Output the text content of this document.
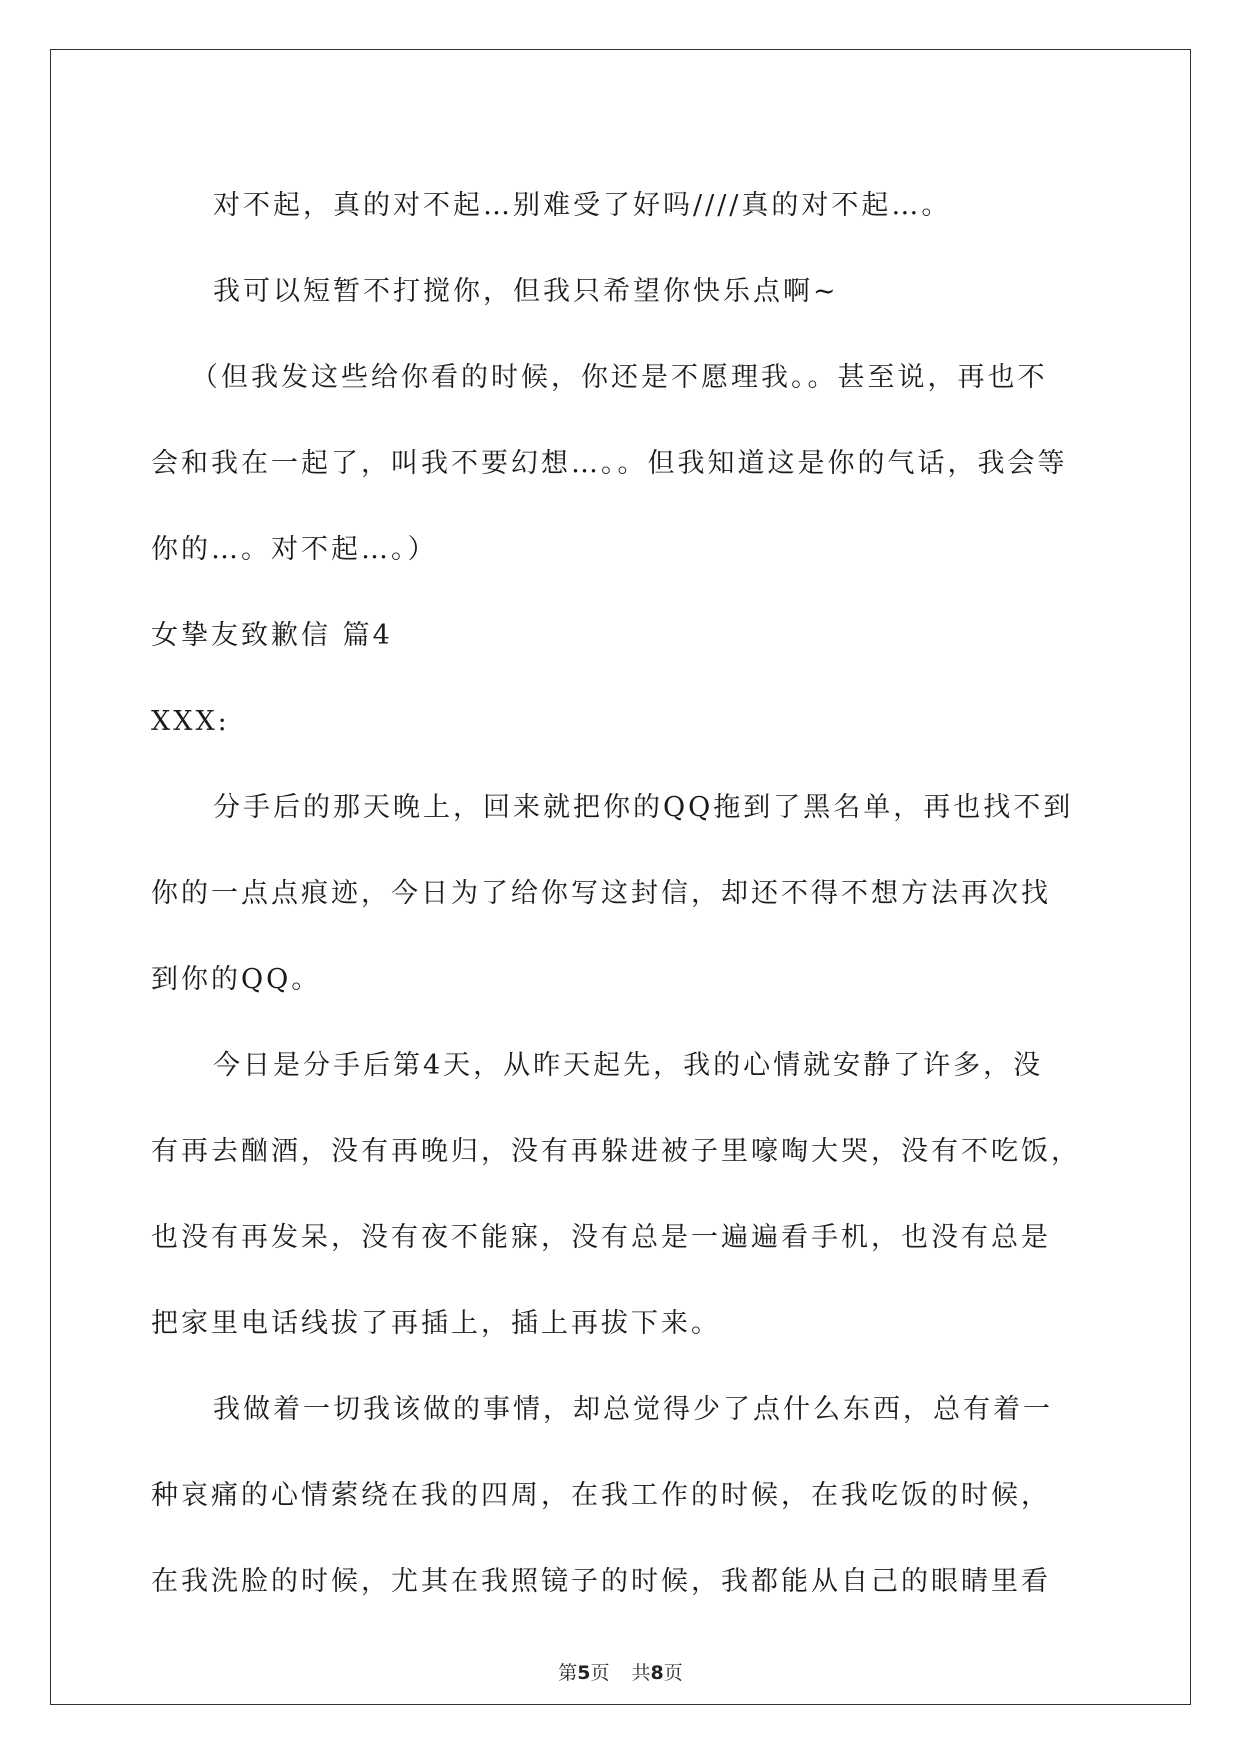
对不起，真的对不起…别难受了好吗////真的对不起…。

我可以短暂不打搅你，但我只希望你快乐点啊~

（但我发这些给你看的时候，你还是不愿理我。。甚至说，再也不

会和我在一起了，叫我不要幻想…。。但我知道这是你的气话，我会等

你的…。对不起…。）

女挚友致歉信 篇4

XXX:

分手后的那天晚上，回来就把你的QQ拖到了黑名单，再也找不到

你的一点点痕迹，今日为了给你写这封信，却还不得不想方法再次找

到你的QQ。

今日是分手后第4天，从昨天起先，我的心情就安静了许多，没

有再去酗酒，没有再晚归，没有再躲进被子里嚎啕大哭，没有不吃饭，

也没有再发呆，没有夜不能寐，没有总是一遍遍看手机，也没有总是

把家里电话线拔了再插上，插上再拔下来。

我做着一切我该做的事情，却总觉得少了点什么东西，总有着一

种哀痛的心情萦绕在我的四周，在我工作的时候，在我吃饭的时候，

在我洗脸的时候，尤其在我照镜子的时候，我都能从自己的眼睛里看

第5页 共8页
